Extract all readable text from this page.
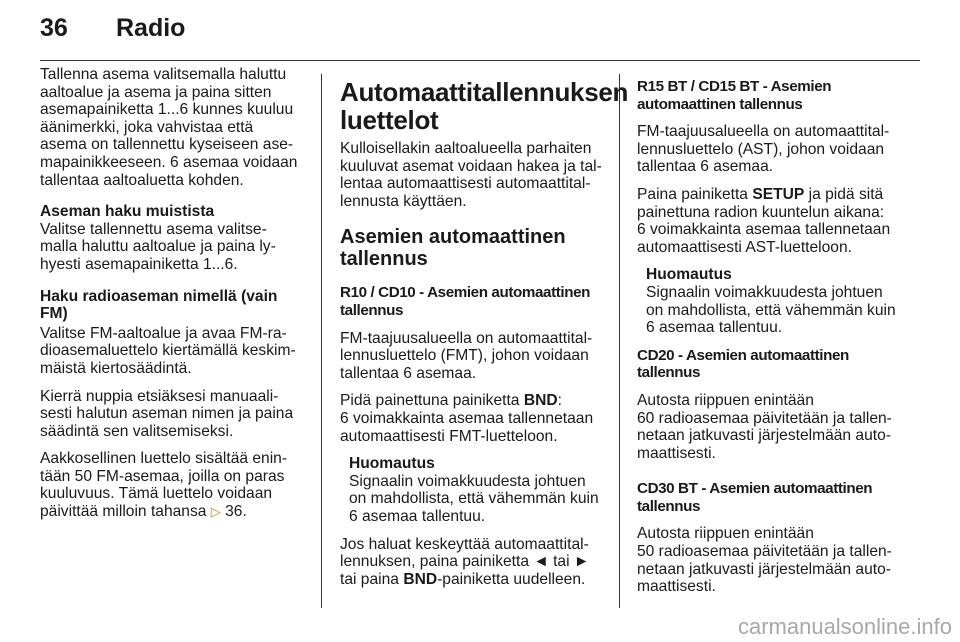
36 Radio

Tallenna asema valitsemalla haluttu
aaltoalue ja asema ja paina sitten
asemapainiketta 1...6 kunnes kuuluu
äänimerkki, joka vahvistaa että
asema on tallennettu kyseiseen ase-
mapainikkeeseen. 6 asemaa voidaan
tallentaa aaltoaluetta kohden.

Aseman haku muistista
Valitse tallennettu asema valitse-
malla haluttu aaltoalue ja paina ly-
hyesti asemapainiketta 1...6.

Haku radioaseman nimellä (vain FM)

Valitse FM-aaltoalue ja avaa FM-ra-
dioasemaluettelo kiertämällä keskim-
mäistä kiertosäädintä.

Kierrä nuppia etsiäksesi manuaali-
sesti halutun aseman nimen ja paina
säädintä sen valitsemiseksi.

Aakkosellinen luettelo sisältää enin-
tään 50 FM-asemaa, joilla on paras
kuuluvuus. Tämä luettelo voidaan
päivittää milloin tahansa ▷ 36.

Automaattitallennuksen
luettelot

Kulloisellakin aaltoalueella parhaiten
kuuluvat asemat voidaan hakea ja tal-
lentaa automaattisesti automaattital-
lennusta käyttäen.

Asemien automaattinen
tallennus

R10 / CD10 - Asemien automaattinen
tallennus

FM-taajuusalueella on automaattital-
lennusluettelo (FMT), johon voidaan
tallentaa 6 asemaa.

Pidä painettuna painiketta BND:
6 voimakkainta asemaa tallennetaan
automaattisesti FMT-luetteloon.

Huomautus
Signaalin voimakkuudesta johtuen
on mahdollista, että vähemmän kuin
6 asemaa tallentuu.

Jos haluat keskeyttää automaattital-
lennuksen, paina painiketta ◄ tai ►
tai paina BND-painiketta uudelleen.

R15 BT / CD15 BT - Asemien
automaattinen tallennus

FM-taajuusalueella on automaattital-
lennusluettelo (AST), johon voidaan
tallentaa 6 asemaa.

Paina painiketta SETUP ja pidä sitä
painettuna radion kuuntelun aikana:
6 voimakkainta asemaa tallennetaan
automaattisesti AST-luetteloon.

Huomautus
Signaalin voimakkuudesta johtuen
on mahdollista, että vähemmän kuin
6 asemaa tallentuu.

CD20 - Asemien automaattinen
tallennus

Autosta riippuen enintään
60 radioasemaa päivitetään ja tallen-
netaan jatkuvasti järjestelmään auto-
maattisesti.

CD30 BT - Asemien automaattinen
tallennus

Autosta riippuen enintään
50 radioasemaa päivitetään ja tallen-
netaan jatkuvasti järjestelmään auto-
maattisesti.

carmanualsonline.info
